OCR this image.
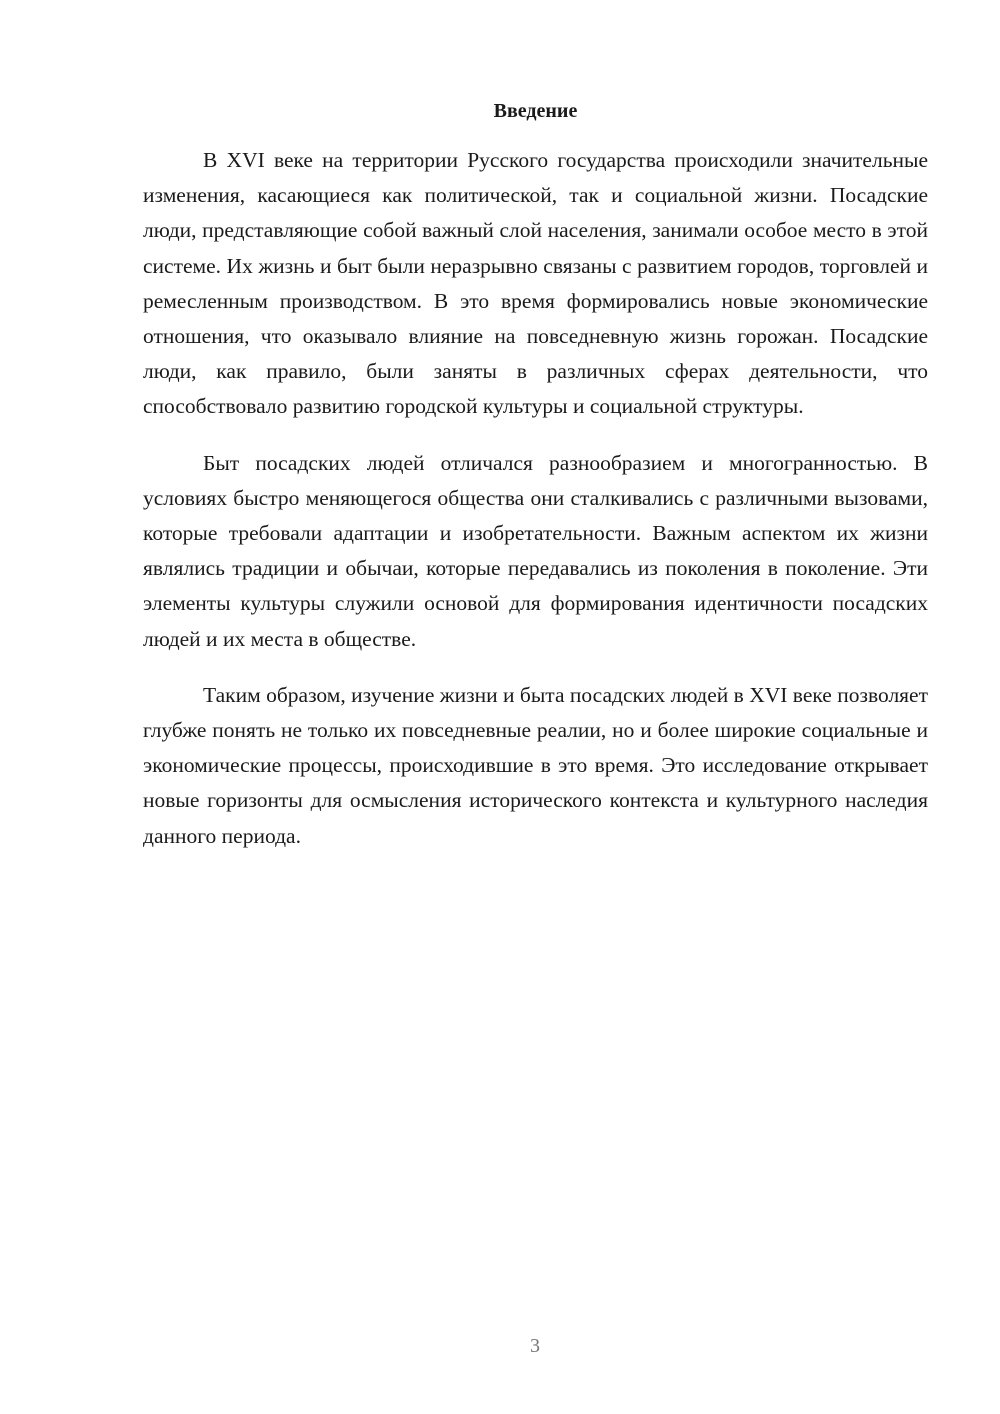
Введение

В XVI веке на территории Русского государства происходили значительные изменения, касающиеся как политической, так и социальной жизни. Посадские люди, представляющие собой важный слой населения, занимали особое место в этой системе. Их жизнь и быт были неразрывно связаны с развитием городов, торговлей и ремесленным производством. В это время формировались новые экономические отношения, что оказывало влияние на повседневную жизнь горожан. Посадские люди, как правило, были заняты в различных сферах деятельности, что способствовало развитию городской культуры и социальной структуры.

Быт посадских людей отличался разнообразием и многогранностью. В условиях быстро меняющегося общества они сталкивались с различными вызовами, которые требовали адаптации и изобретательности. Важным аспектом их жизни являлись традиции и обычаи, которые передавались из поколения в поколение. Эти элементы культуры служили основой для формирования идентичности посадских людей и их места в обществе.

Таким образом, изучение жизни и быта посадских людей в XVI веке позволяет глубже понять не только их повседневные реалии, но и более широкие социальные и экономические процессы, происходившие в это время. Это исследование открывает новые горизонты для осмысления исторического контекста и культурного наследия данного периода.

3
